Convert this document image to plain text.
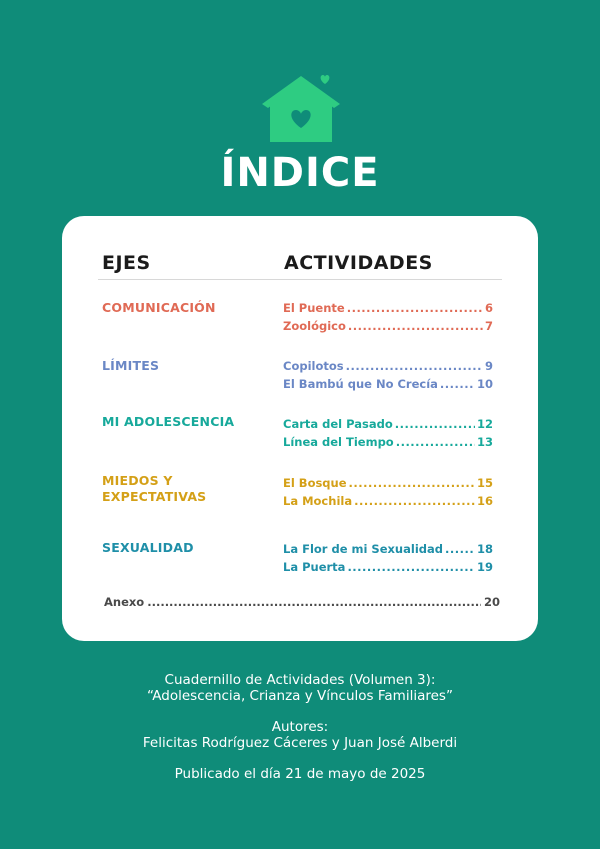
ÍNDICE
EJES	ACTIVIDADES
COMUNICACIÓN	El Puente .....	6
Zoológico .....	7
LÍMITES	Copilotos .....	9
El Bambú que No Crecía .....	10
MI ADOLESCENCIA	Carta del Pasado .....	12
Línea del Tiempo .....	13
MIEDOS Y
EXPECTATIVAS
El Bosque .....	15
La Mochila .....	16
SEXUALIDAD	La Flor de mi Sexualidad .....	18
La Puerta .....	19
Anexo .....	20
Cuadernillo de Actividades (Volumen 3):
“Adolescencia, Crianza y Vínculos Familiares”
Autores:
Felicitas Rodríguez Cáceres y Juan José Alberdi
Publicado el día 21 de mayo de 2025
